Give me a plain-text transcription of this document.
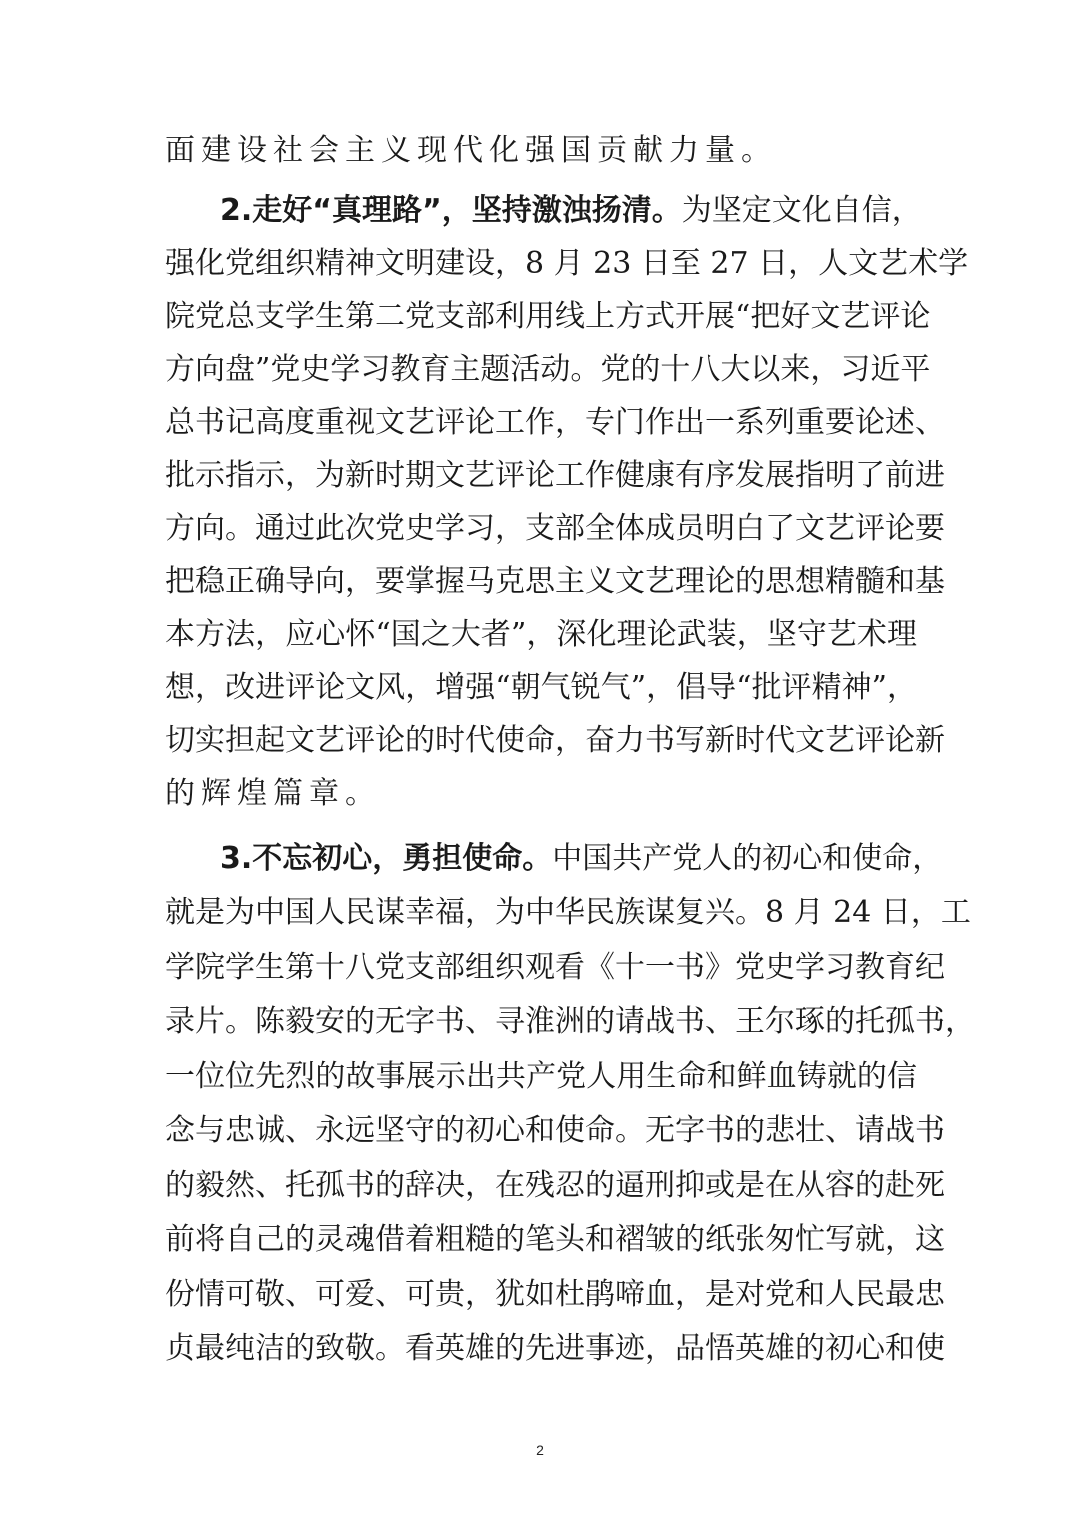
面建设社会主义现代化强国贡献力量。
2.走好“真理路”，坚持激浊扬清。为坚定文化自信，
强化党组织精神文明建设，8 月 23 日至 27 日，人文艺术学
院党总支学生第二党支部利用线上方式开展“把好文艺评论
方向盘”党史学习教育主题活动。党的十八大以来，习近平
总书记高度重视文艺评论工作，专门作出一系列重要论述、
批示指示，为新时期文艺评论工作健康有序发展指明了前进
方向。通过此次党史学习，支部全体成员明白了文艺评论要
把稳正确导向，要掌握马克思主义文艺理论的思想精髓和基
本方法，应心怀“国之大者”，深化理论武装，坚守艺术理
想，改进评论文风，增强“朝气锐气”，倡导“批评精神”，
切实担起文艺评论的时代使命，奋力书写新时代文艺评论新
的辉煌篇章。
3.不忘初心，勇担使命。中国共产党人的初心和使命，
就是为中国人民谋幸福，为中华民族谋复兴。8 月 24 日，工
学院学生第十八党支部组织观看《十一书》党史学习教育纪
录片。陈毅安的无字书、寻淮洲的请战书、王尔琢的托孤书，
一位位先烈的故事展示出共产党人用生命和鲜血铸就的信
念与忠诚、永远坚守的初心和使命。无字书的悲壮、请战书
的毅然、托孤书的辞决，在残忍的逼刑抑或是在从容的赴死
前将自己的灵魂借着粗糙的笔头和褶皱的纸张匆忙写就，这
份情可敬、可爱、可贵，犹如杜鹃啼血，是对党和人民最忠
贞最纯洁的致敬。看英雄的先进事迹，品悟英雄的初心和使
2
